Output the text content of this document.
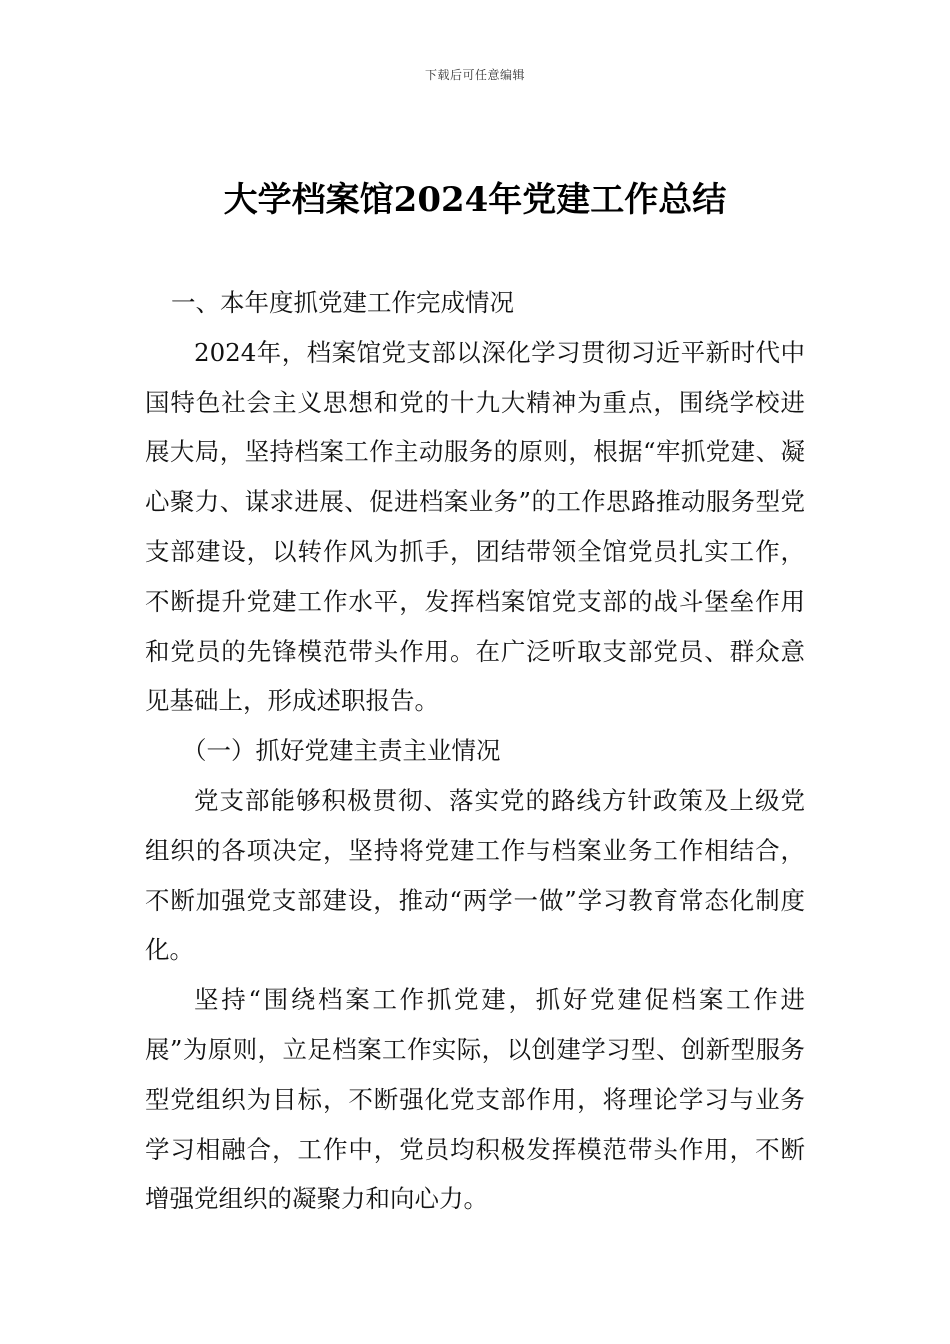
下载后可任意编辑
大学档案馆2024年党建工作总结

一、本年度抓党建工作完成情况

2024年，档案馆党支部以深化学习贯彻习近平新时代中国特色社会主义思想和党的十九大精神为重点，围绕学校进展大局，坚持档案工作主动服务的原则，根据“牢抓党建、凝心聚力、谋求进展、促进档案业务”的工作思路推动服务型党支部建设，以转作风为抓手，团结带领全馆党员扎实工作，不断提升党建工作水平，发挥档案馆党支部的战斗堡垒作用和党员的先锋模范带头作用。在广泛听取支部党员、群众意见基础上，形成述职报告。

（一）抓好党建主责主业情况

党支部能够积极贯彻、落实党的路线方针政策及上级党组织的各项决定，坚持将党建工作与档案业务工作相结合，不断加强党支部建设，推动“两学一做”学习教育常态化制度化。

坚持“围绕档案工作抓党建，抓好党建促档案工作进展”为原则，立足档案工作实际，以创建学习型、创新型服务型党组织为目标，不断强化党支部作用，将理论学习与业务学习相融合，工作中，党员均积极发挥模范带头作用，不断增强党组织的凝聚力和向心力。
